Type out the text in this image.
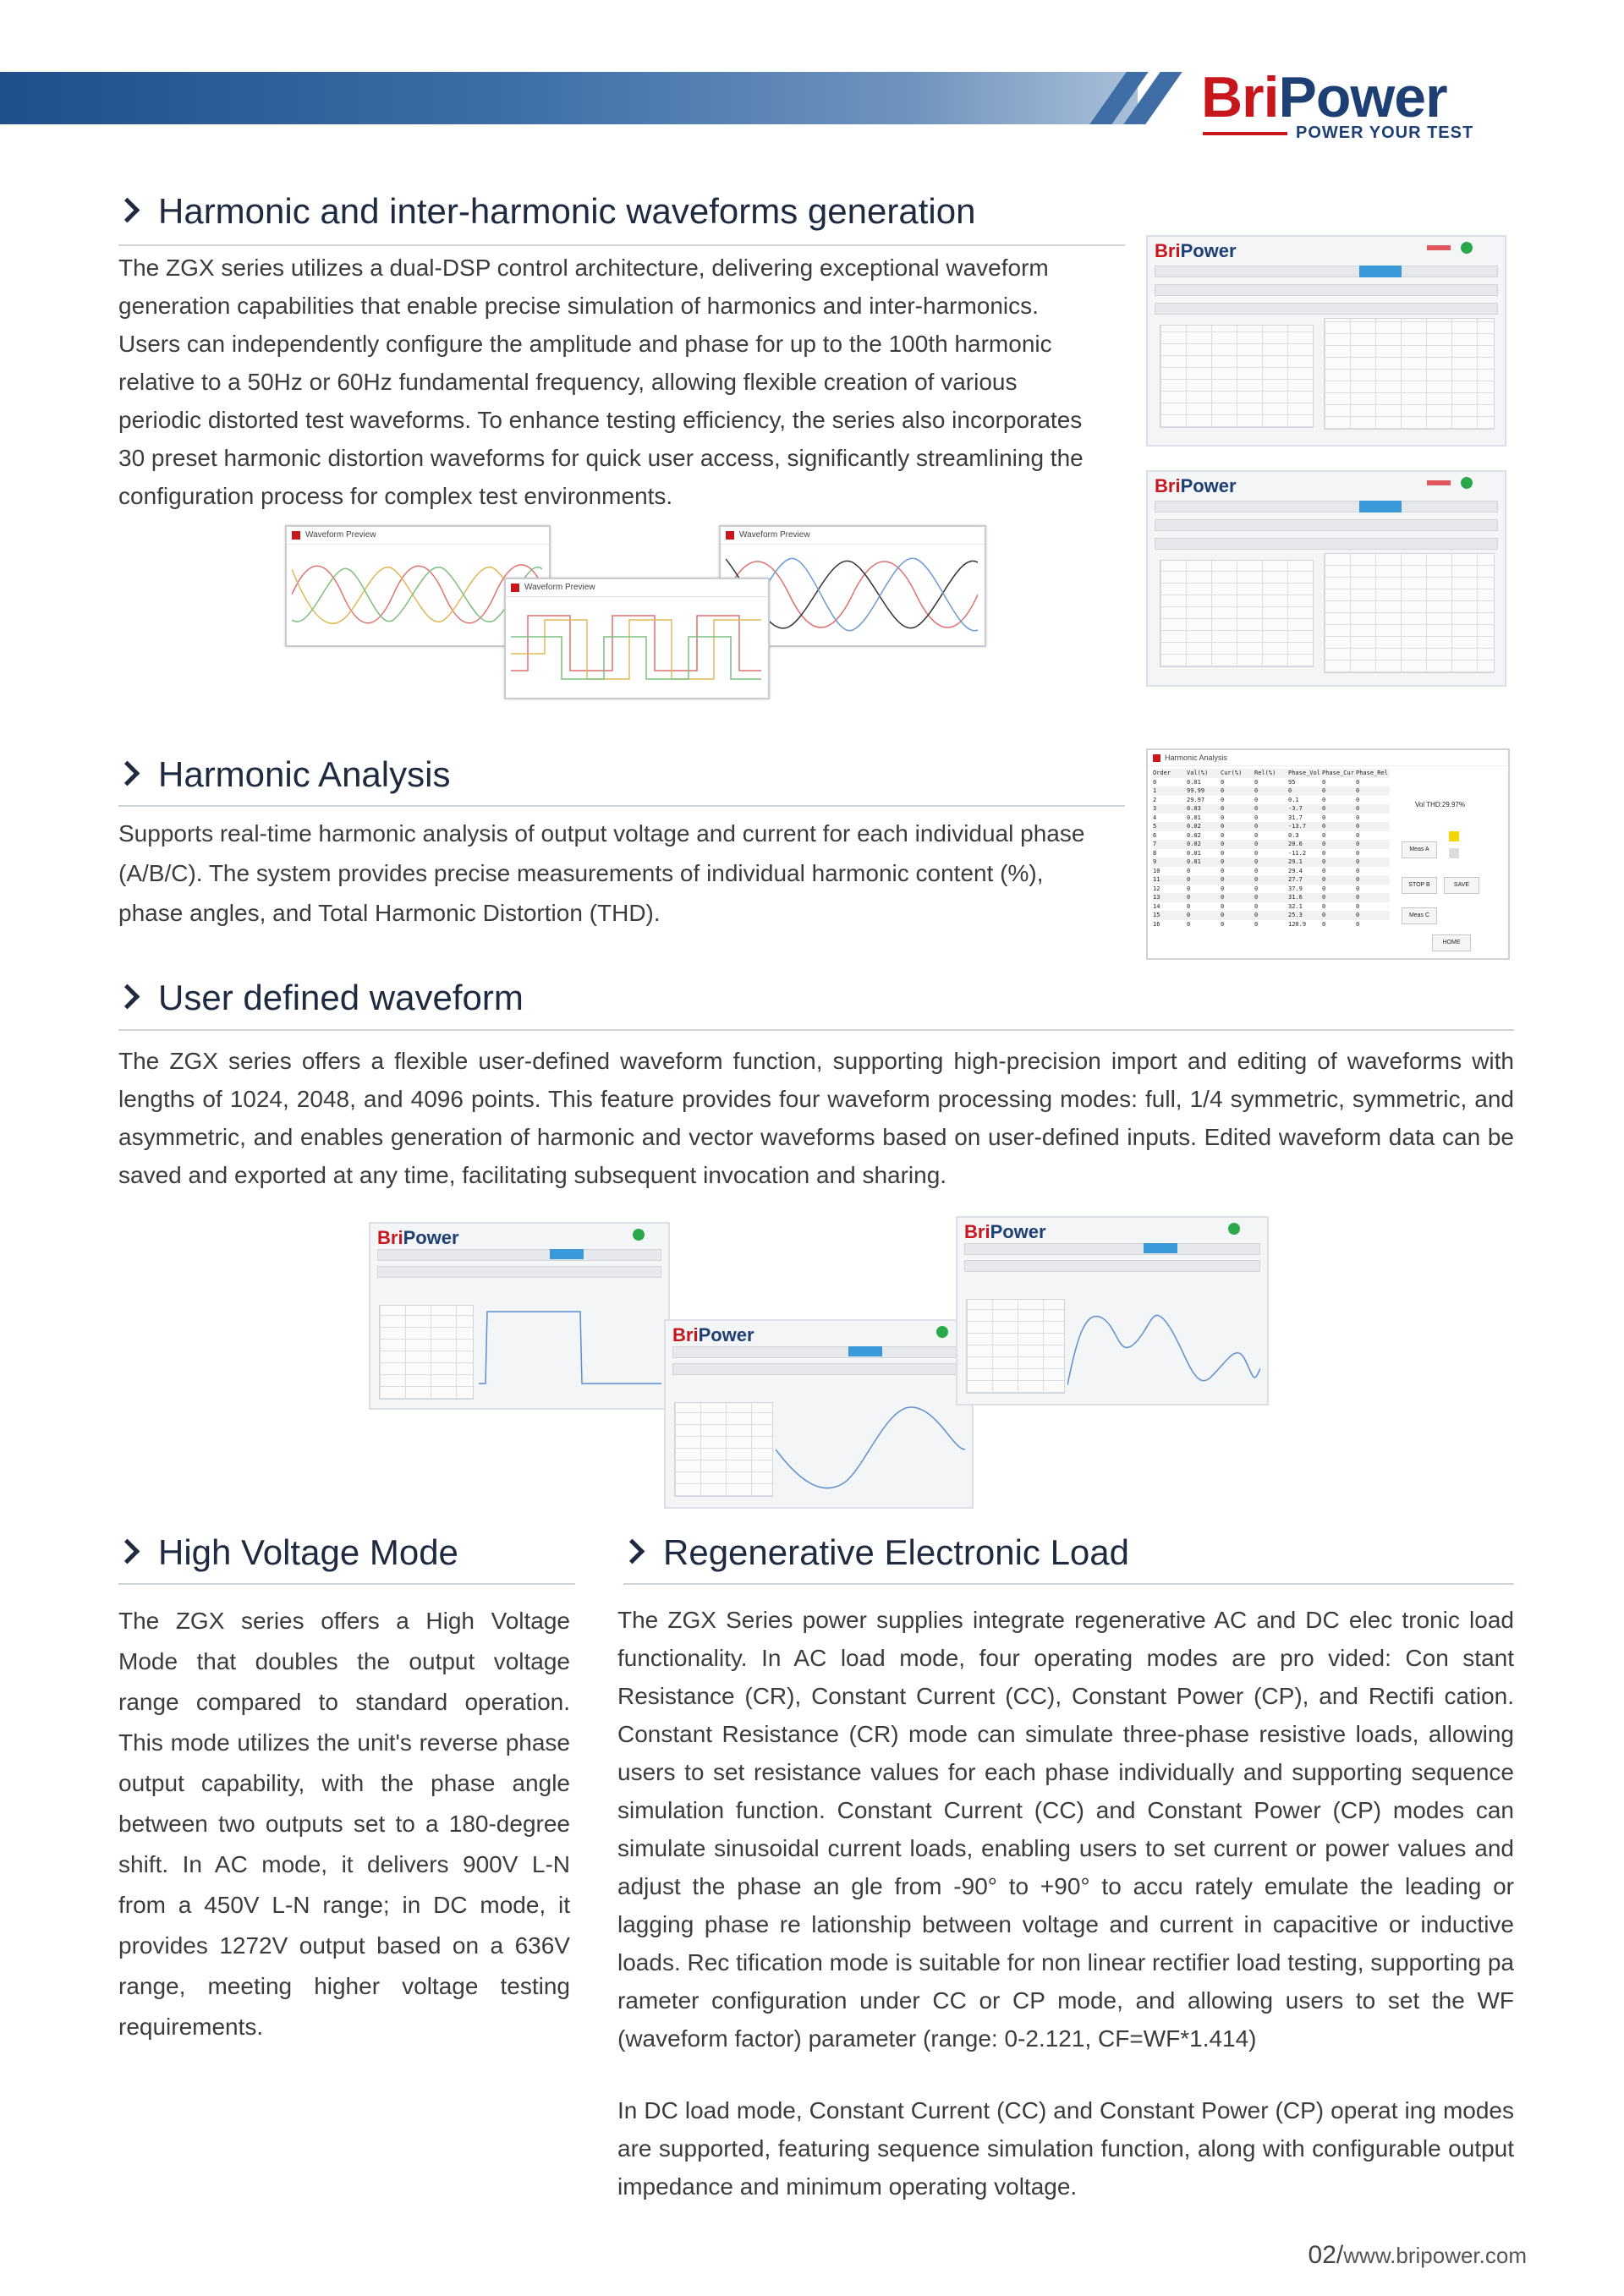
BriPower
POWER YOUR TEST
Harmonic and inter-harmonic waveforms generation

The ZGX series utilizes a dual-DSP control architecture, delivering exceptional waveform generation capabilities that enable precise simulation of harmonics and inter-harmonics. Users can independently configure the amplitude and phase for up to the 100th harmonic relative to a 50Hz or 60Hz fundamental frequency, allowing flexible creation of various periodic distorted test waveforms. To enhance testing efficiency, the series also incorporates 30 preset harmonic distortion waveforms for quick user access, significantly streamlining the configuration process for complex test environments.

Waveform Preview	Waveform Preview
Waveform Preview
BriPower
BriPower
Harmonic Analysis

Supports real-time harmonic analysis of output voltage and current for each individual phase (A/B/C). The system provides precise measurements of individual harmonic content (%), phase angles, and Total Harmonic Distortion (THD).

Harmonic Analysis
Order	Val(%)	Cur(%)	Rel(%)	Phase_Vol Phase_Cur Phase_Rel
0	0.01	0	0	95	0	0
1	99.99	0	0	0	0	0
2	29.97	0	0	0.1	0	0
3	0.03	0	0	-3.7	0	0
4	0.01	0	0	31.7	0	0
5	0.02	0	0	-13.7	0	0
6	0.02	0	0	0.3	0	0
7	0.02	0	0	20.6	0	0
8	0.01	0	0	-11.2	0	0
9	0.01	0	0	29.1	0	0
10	0	0	0	29.4	0	0
11	0	0	0	27.7	0	0
12	0	0	0	37.9	0	0
13	0	0	0	31.6	0	0
14	0	0	0	32.1	0	0
15	0	0	0	25.3	0	0
16	0	0	0	120.9	0	0
Vol THD:29.97%
Meas A
STOP B	SAVE
Meas C
HOME
User defined waveform

The ZGX series offers a flexible user-defined waveform function, supporting high-precision import and editing of waveforms with lengths of 1024, 2048, and 4096 points. This feature provides four waveform processing modes: full, 1/4 symmetric, symmetric, and asymmetric, and enables generation of harmonic and vector waveforms based on user-defined inputs. Edited waveform data can be saved and exported at any time, facilitating subsequent invocation and sharing.

BriPower
BriPower
BriPower
High Voltage Mode

The ZGX series offers a High Voltage Mode that doubles the output voltage range compared to standard operation. This mode utilizes the unit's reverse phase output capability, with the phase angle between two outputs set to a 180-degree shift. In AC mode, it delivers 900V L-N from a 450V L-N range; in DC mode, it provides 1272V output based on a 636V range, meeting higher voltage testing requirements.

Regenerative Electronic Load

The ZGX Series power supplies integrate regenerative AC and DC elec tronic load functionality. In AC load mode, four operating modes are pro vided: Con stant Resistance (CR), Constant Current (CC), Constant Power (CP), and Rectifi cation. Constant Resistance (CR) mode can simulate three-phase resistive loads, allowing users to set resistance values for each phase individually and supporting sequence simulation function. Constant Current (CC) and Constant Power (CP) modes can simulate sinusoidal current loads, enabling users to set current or power values and adjust the phase an gle from -90° to +90° to accu rately emulate the leading or lagging phase re lationship between voltage and current in capacitive or inductive loads. Rec tification mode is suitable for non linear rectifier load testing, supporting pa rameter configuration under CC or CP mode, and allowing users to set the WF (waveform factor) parameter (range: 0-2.121, CF=WF*1.414)

In DC load mode, Constant Current (CC) and Constant Power (CP) operat ing modes are supported, featuring sequence simulation function, along with configurable output impedance and minimum operating voltage.

02/www.bripower.com
